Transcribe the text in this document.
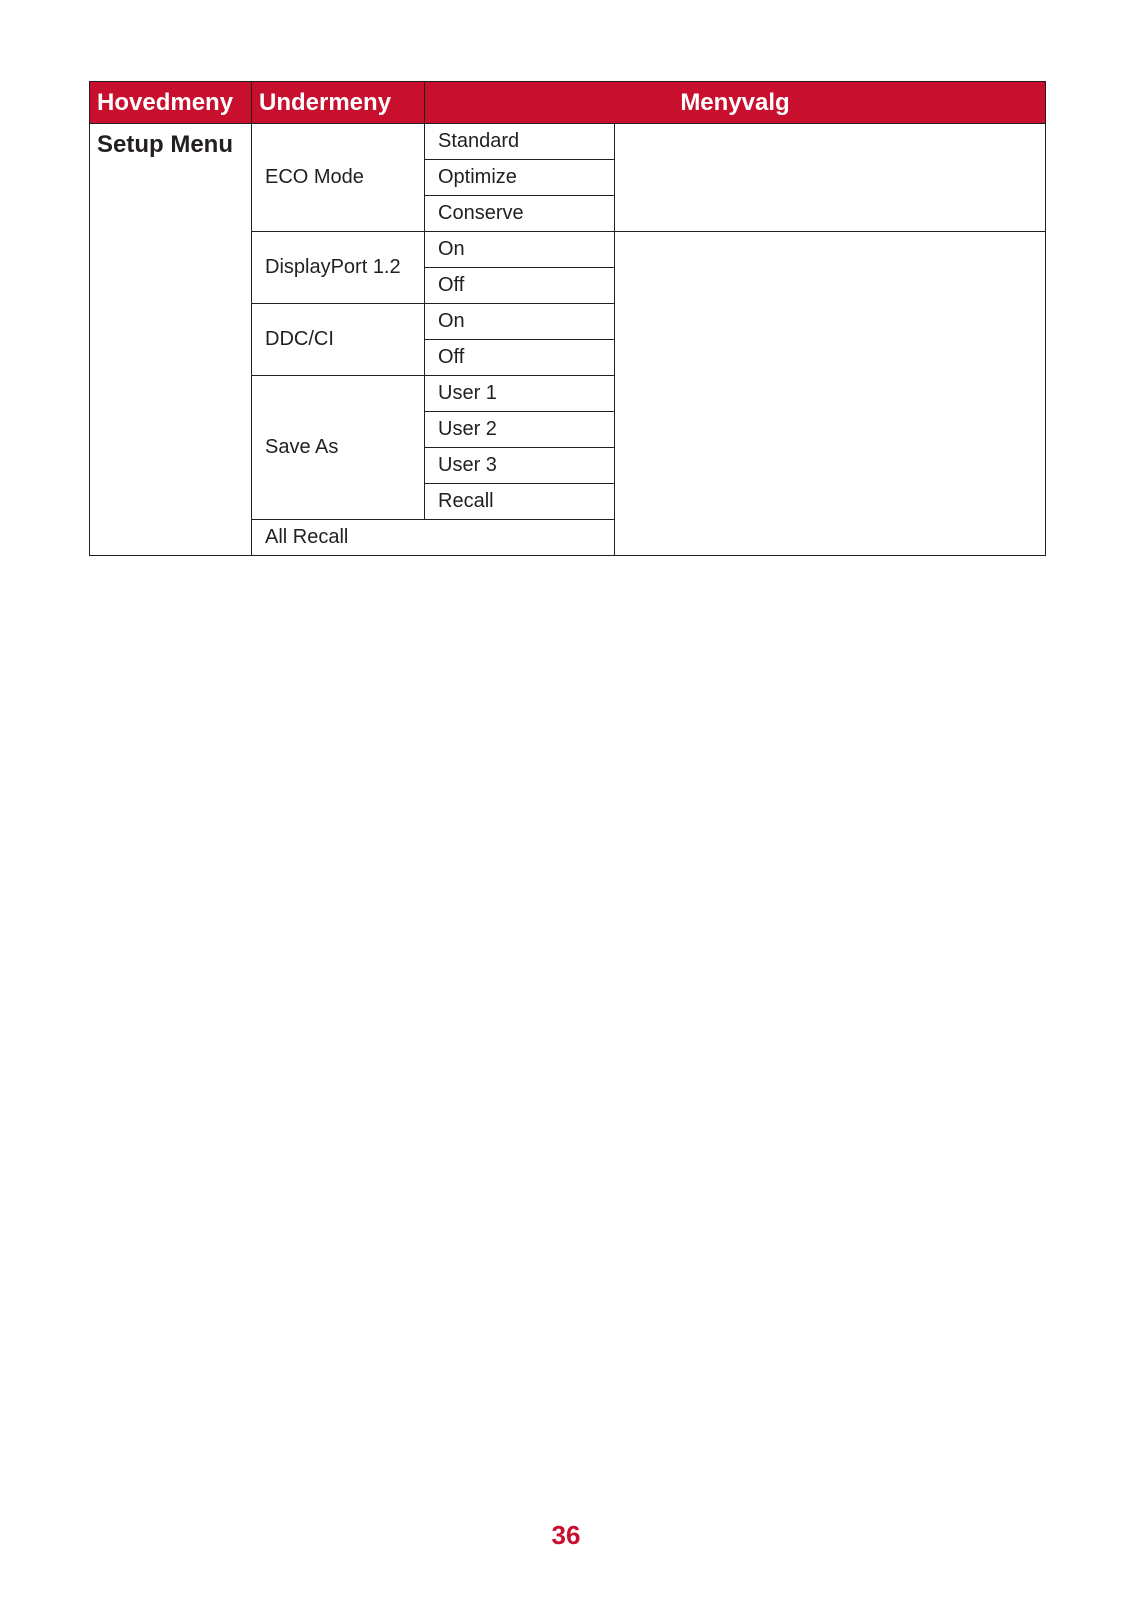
Hovedmeny	Undermeny	Menyvalg	
Setup Menu	ECO Mode	Standard	
		Optimize	
		Conserve	
	DisplayPort 1.2	On	
		Off	
	DDC/CI	On	
		Off	
	Save As	User 1	
		User 2	
		User 3	
		Recall	
	All Recall		
36
